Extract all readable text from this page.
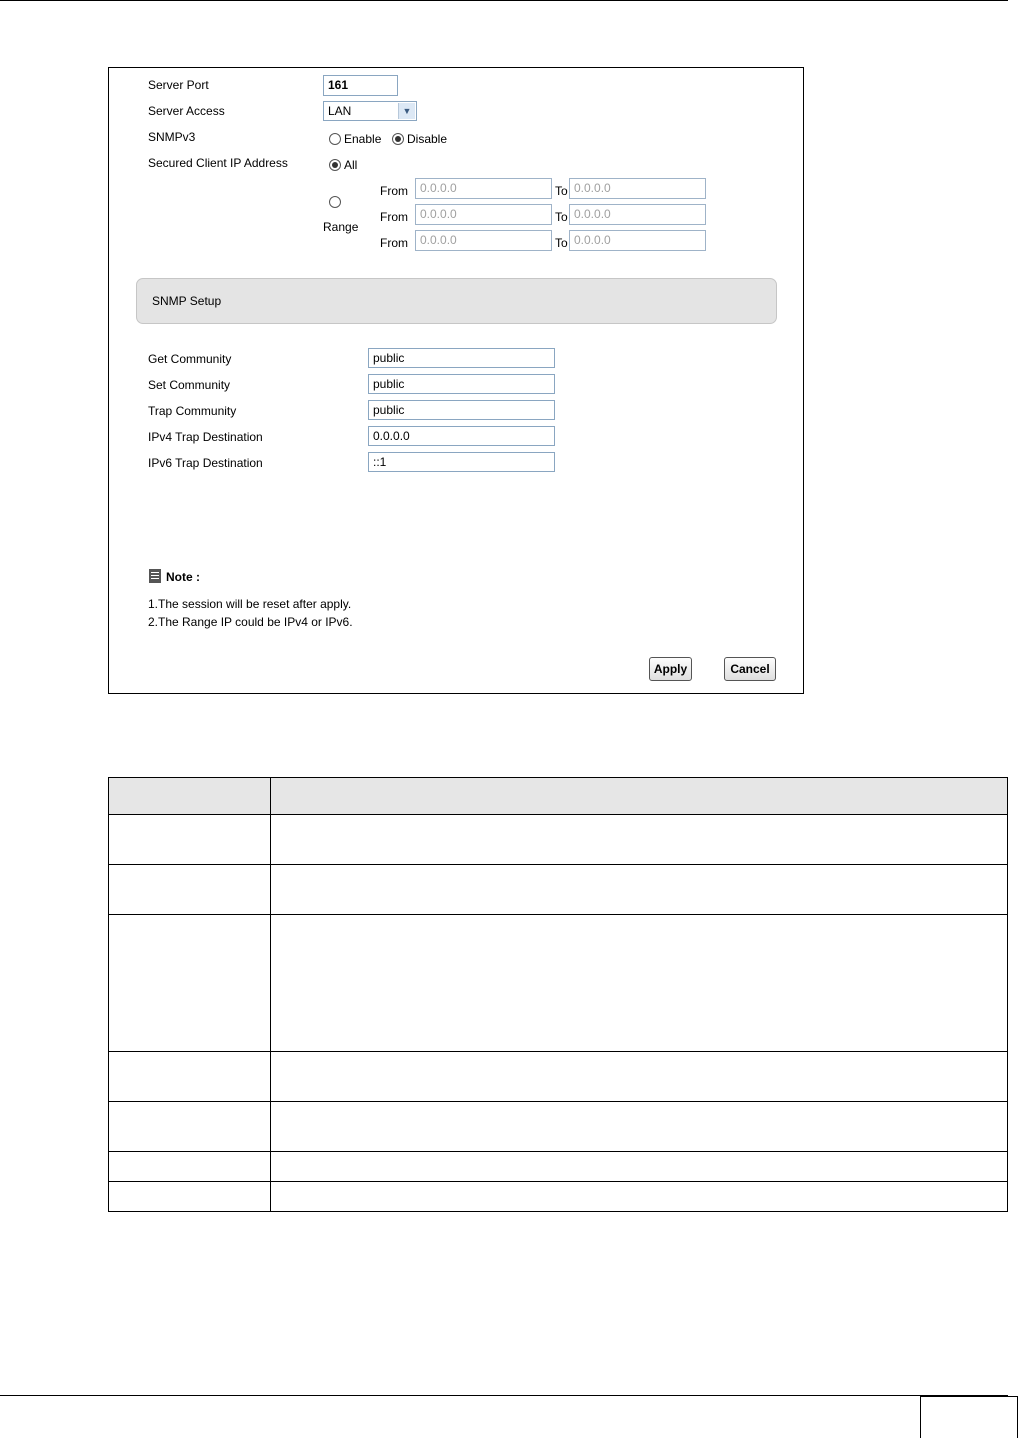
Server Port	161
Server Access	LAN	▼
SNMPv3	Enable Disable
Secured Client IP Address	All
Range
From	0.0.0.0	To 0.0.0.0
From	0.0.0.0	To 0.0.0.0
From	0.0.0.0	To 0.0.0.0
SNMP Setup
Get Community	public
Set Community	public
Trap Community	public
IPv4 Trap Destination	0.0.0.0
IPv6 Trap Destination	::1
Note :
1.The session will be reset after apply.
2.The Range IP could be IPv4 or IPv6.
Apply	Cancel
